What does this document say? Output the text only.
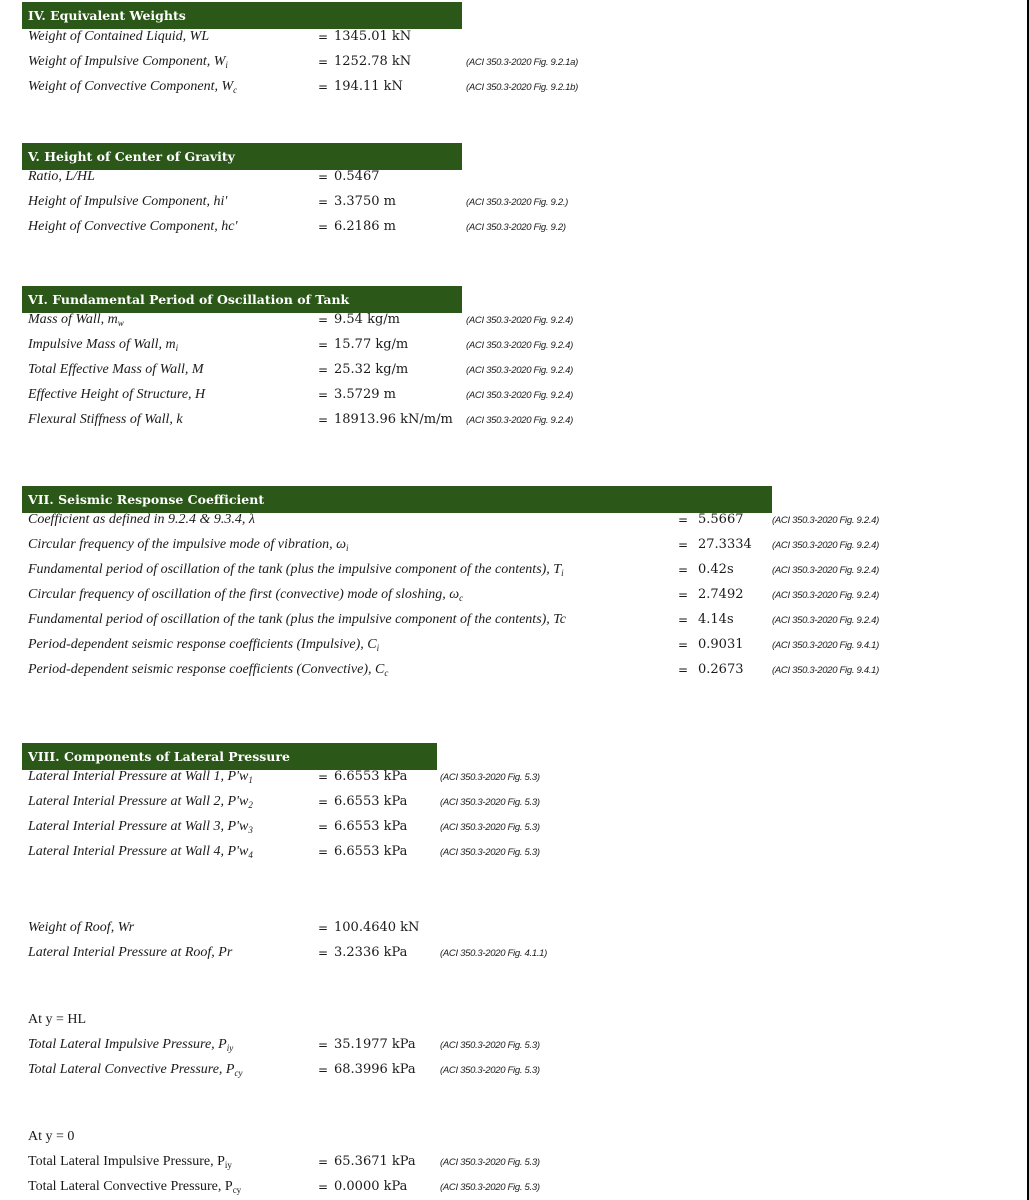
IV. Equivalent Weights
Weight of Contained Liquid, WL	= 1345.01 kN
Weight of Impulsive Component, $W_i$	= 1252.78 kN	(ACI 350.3-2020 Fig. 9.2.1a)
Weight of Convective Component, $W_c$	= 194.11 kN	(ACI 350.3-2020 Fig. 9.2.1b)
V. Height of Center of Gravity
Ratio, L/HL	= 0.5467
Height of Impulsive Component, hi'	= 3.3750 m	(ACI 350.3-2020 Fig. 9.2.)
Height of Convective Component, hc'	= 6.2186 m	(ACI 350.3-2020 Fig. 9.2)
VI. Fundamental Period of Oscillation of Tank
Mass of Wall, $m_w$	= 9.54 kg/m	(ACI 350.3-2020 Fig. 9.2.4)
Impulsive Mass of Wall, $m_i$	= 15.77 kg/m	(ACI 350.3-2020 Fig. 9.2.4)
Total Effective Mass of Wall, M	= 25.32 kg/m	(ACI 350.3-2020 Fig. 9.2.4)
Effective Height of Structure, H	= 3.5729 m	(ACI 350.3-2020 Fig. 9.2.4)
Flexural Stiffness of Wall, k	= 18913.96 kN/m/m (ACI 350.3-2020 Fig. 9.2.4)
VII. Seismic Response Coefficient
Coefficient as defined in 9.2.4 & 9.3.4, λ	= 5.5667	(ACI 350.3-2020 Fig. 9.2.4)
Circular frequency of the impulsive mode of vibration, $\omega_i$	= 27.3334 (ACI 350.3-2020 Fig. 9.2.4)
Fundamental period of oscillation of the tank (plus the impulsive component of the contents), $T_i$	= 0.42s	(ACI 350.3-2020 Fig. 9.2.4)
Circular frequency of oscillation of the first (convective) mode of sloshing, $\omega_c$	= 2.7492	(ACI 350.3-2020 Fig. 9.2.4)
Fundamental period of oscillation of the tank (plus the impulsive component of the contents), Tc	= 4.14s	(ACI 350.3-2020 Fig. 9.2.4)
Period-dependent seismic response coefficients (Impulsive), $C_i$	= 0.9031	(ACI 350.3-2020 Fig. 9.4.1)
Period-dependent seismic response coefficients (Convective), $C_c$	= 0.2673	(ACI 350.3-2020 Fig. 9.4.1)
VIII. Components of Lateral Pressure
Lateral Interial Pressure at Wall 1, $P'w_1$	= 6.6553 kPa	(ACI 350.3-2020 Fig. 5.3)
Lateral Interial Pressure at Wall 2, $P'w_2$	= 6.6553 kPa	(ACI 350.3-2020 Fig. 5.3)
Lateral Interial Pressure at Wall 3, $P'w_3$	= 6.6553 kPa	(ACI 350.3-2020 Fig. 5.3)
Lateral Interial Pressure at Wall 4, $P'w_4$	= 6.6553 kPa	(ACI 350.3-2020 Fig. 5.3)
Weight of Roof, Wr	= 100.4640 kN
Lateral Interial Pressure at Roof, Pr	= 3.2336 kPa	(ACI 350.3-2020 Fig. 4.1.1)
At y = HL
Total Lateral Impulsive Pressure, $P_{iy}$	= 35.1977 kPa	(ACI 350.3-2020 Fig. 5.3)
Total Lateral Convective Pressure, $P_{cy}$	= 68.3996 kPa	(ACI 350.3-2020 Fig. 5.3)
At y = 0
Total Lateral Impulsive Pressure, $P_{iy}$	= 65.3671 kPa	(ACI 350.3-2020 Fig. 5.3)
Total Lateral Convective Pressure, $P_{cy}$	= 0.0000 kPa	(ACI 350.3-2020 Fig. 5.3)
